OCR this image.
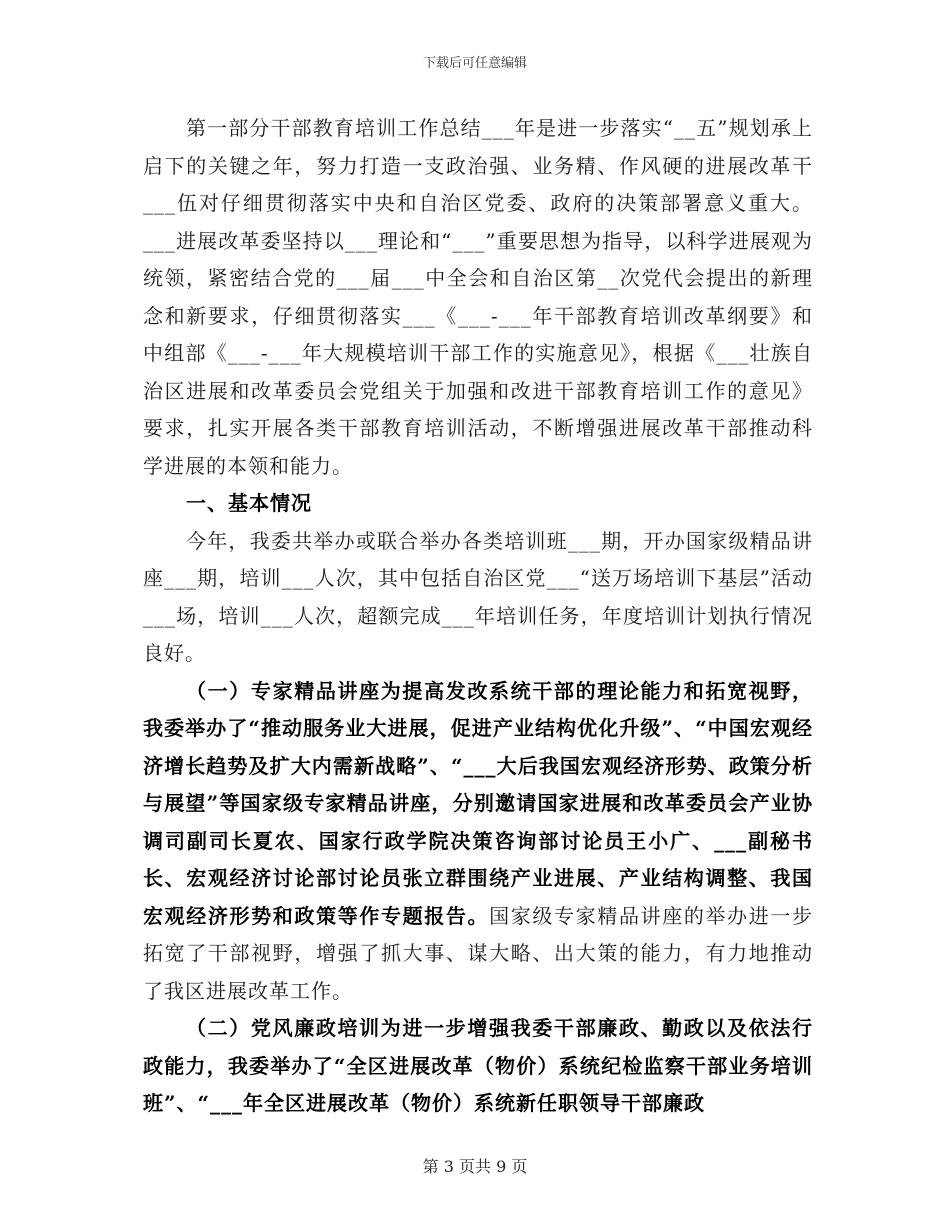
下载后可任意编辑

第一部分干部教育培训工作总结___年是进一步落实“__五”规划承上启下的关键之年，努力打造一支政治强、业务精、作风硬的进展改革干___伍对仔细贯彻落实中央和自治区党委、政府的决策部署意义重大。___进展改革委坚持以___理论和“___”重要思想为指导，以科学进展观为统领，紧密结合党的___届___中全会和自治区第__次党代会提出的新理念和新要求，仔细贯彻落实___《___-___年干部教育培训改革纲要》和中组部《___-___年大规模培训干部工作的实施意见》，根据《___壮族自治区进展和改革委员会党组关于加强和改进干部教育培训工作的意见》要求，扎实开展各类干部教育培训活动，不断增强进展改革干部推动科学进展的本领和能力。

一、基本情况

今年，我委共举办或联合举办各类培训班___期，开办国家级精品讲座___期，培训___人次，其中包括自治区党___“送万场培训下基层”活动___场，培训___人次，超额完成___年培训任务，年度培训计划执行情况良好。

（一）专家精品讲座为提高发改系统干部的理论能力和拓宽视野，我委举办了“推动服务业大进展，促进产业结构优化升级”、“中国宏观经济增长趋势及扩大内需新战略”、“___大后我国宏观经济形势、政策分析与展望”等国家级专家精品讲座，分别邀请国家进展和改革委员会产业协调司副司长夏农、国家行政学院决策咨询部讨论员王小广、___副秘书长、宏观经济讨论部讨论员张立群围绕产业进展、产业结构调整、我国宏观经济形势和政策等作专题报告。国家级专家精品讲座的举办进一步拓宽了干部视野，增强了抓大事、谋大略、出大策的能力，有力地推动了我区进展改革工作。

（二）党风廉政培训为进一步增强我委干部廉政、勤政以及依法行政能力，我委举办了“全区进展改革（物价）系统纪检监察干部业务培训班”、“___年全区进展改革（物价）系统新任职领导干部廉政

第 3 页共 9 页
